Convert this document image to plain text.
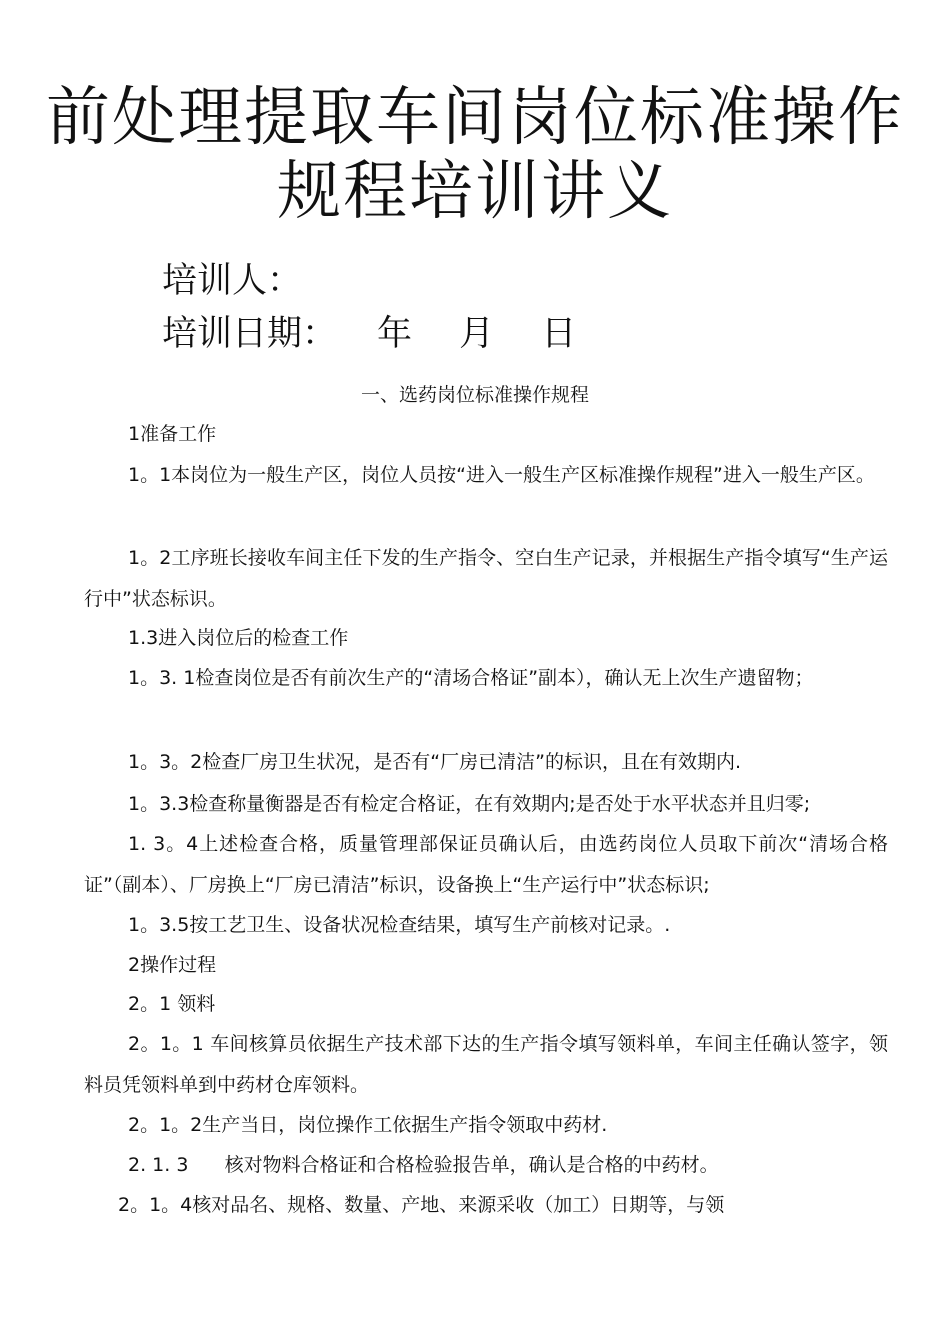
前处理提取车间岗位标准操作
规程培训讲义
培训人：
培训日期： 年 月 日
一、选药岗位标准操作规程

1准备工作

1。1本岗位为一般生产区，岗位人员按“进入一般生产区标准操作规程”进入一般生产区。

1。2工序班长接收车间主任下发的生产指令、空白生产记录，并根据生产指令填写“生产运行中”状态标识。

1.3进入岗位后的检查工作

1。3. 1检查岗位是否有前次生产的“清场合格证”副本），确认无上次生产遗留物；

1。3。2检查厂房卫生状况，是否有“厂房已清洁”的标识，且在有效期内.

1。3.3检查称量衡器是否有检定合格证，在有效期内;是否处于水平状态并且归零;

1. 3。4上述检查合格，质量管理部保证员确认后，由选药岗位人员取下前次“清场合格证”（副本）、厂房换上“厂房已清洁”标识，设备换上“生产运行中”状态标识;

1。3.5按工艺卫生、设备状况检查结果，填写生产前核对记录。.

2操作过程

2。1 领料

2。1。1 车间核算员依据生产技术部下达的生产指令填写领料单，车间主任确认签字，领料员凭领料单到中药材仓库领料。

2。1。2生产当日，岗位操作工依据生产指令领取中药材.

2. 1. 3      核对物料合格证和合格检验报告单，确认是合格的中药材。

2。1。4核对品名、规格、数量、产地、来源采收（加工）日期等，与领
